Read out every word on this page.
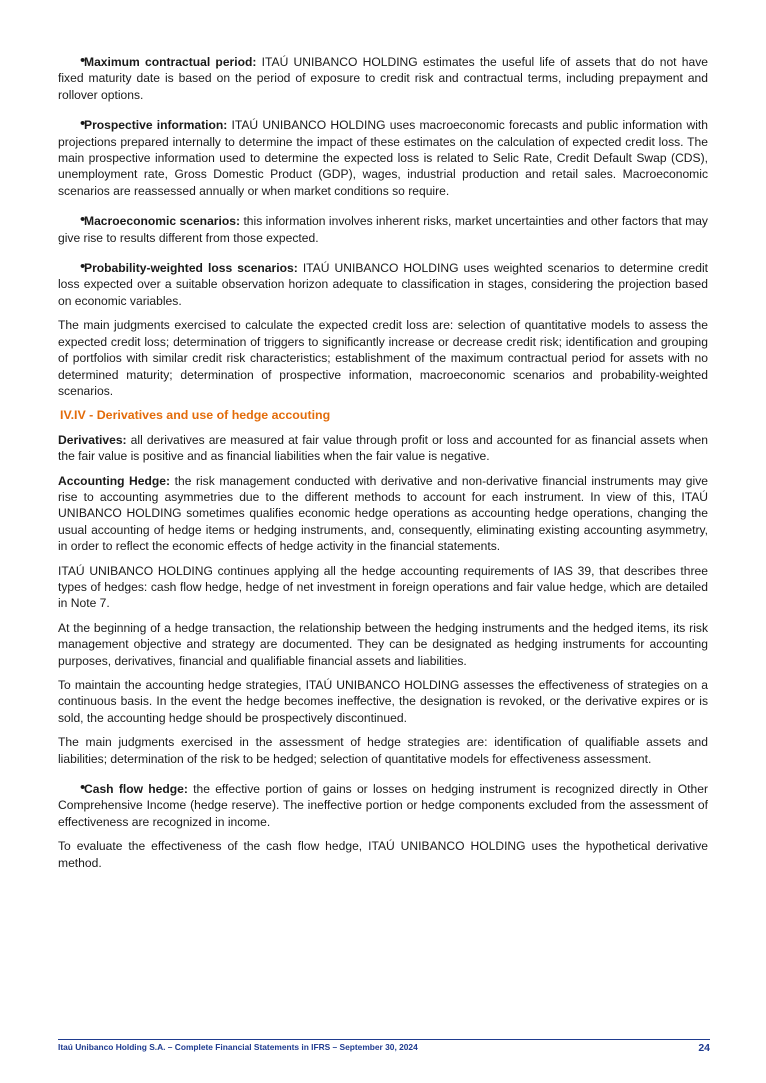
•
Maximum contractual period: ITAÚ UNIBANCO HOLDING estimates the useful life of assets that do not have fixed maturity date is based on the period of exposure to credit risk and contractual terms, including prepayment and rollover options.

•
Prospective information: ITAÚ UNIBANCO HOLDING uses macroeconomic forecasts and public information with projections prepared internally to determine the impact of these estimates on the calculation of expected credit loss. The main prospective information used to determine the expected loss is related to Selic Rate, Credit Default Swap (CDS), unemployment rate, Gross Domestic Product (GDP), wages, industrial production and retail sales. Macroeconomic scenarios are reassessed annually or when market conditions so require.

•
Macroeconomic scenarios: this information involves inherent risks, market uncertainties and other factors that may give rise to results different from those expected.

•
Probability-weighted loss scenarios: ITAÚ UNIBANCO HOLDING uses weighted scenarios to determine credit loss expected over a suitable observation horizon adequate to classification in stages, considering the projection based on economic variables.

The main judgments exercised to calculate the expected credit loss are: selection of quantitative models to assess the expected credit loss; determination of triggers to significantly increase or decrease credit risk; identification and grouping of portfolios with similar credit risk characteristics; establishment of the maximum contractual period for assets with no determined maturity; determination of prospective information, macroeconomic scenarios and probability-weighted scenarios.

IV.IV - Derivatives and use of hedge accouting

Derivatives: all derivatives are measured at fair value through profit or loss and accounted for as financial assets when the fair value is positive and as financial liabilities when the fair value is negative.

Accounting Hedge: the risk management conducted with derivative and non-derivative financial instruments may give rise to accounting asymmetries due to the different methods to account for each instrument. In view of this, ITAÚ UNIBANCO HOLDING sometimes qualifies economic hedge operations as accounting hedge operations, changing the usual accounting of hedge items or hedging instruments, and, consequently, eliminating existing accounting asymmetry, in order to reflect the economic effects of hedge activity in the financial statements.

ITAÚ UNIBANCO HOLDING continues applying all the hedge accounting requirements of IAS 39, that describes three types of hedges: cash flow hedge, hedge of net investment in foreign operations and fair value hedge, which are detailed in Note 7.

At the beginning of a hedge transaction, the relationship between the hedging instruments and the hedged items, its risk management objective and strategy are documented. They can be designated as hedging instruments for accounting purposes, derivatives, financial and qualifiable financial assets and liabilities.

To maintain the accounting hedge strategies, ITAÚ UNIBANCO HOLDING assesses the effectiveness of strategies on a continuous basis. In the event the hedge becomes ineffective, the designation is revoked, or the derivative expires or is sold, the accounting hedge should be prospectively discontinued.

The main judgments exercised in the assessment of hedge strategies are: identification of qualifiable assets and liabilities; determination of the risk to be hedged; selection of quantitative models for effectiveness assessment.

•
Cash flow hedge: the effective portion of gains or losses on hedging instrument is recognized directly in Other Comprehensive Income (hedge reserve). The ineffective portion or hedge components excluded from the assessment of effectiveness are recognized in income.

To evaluate the effectiveness of the cash flow hedge, ITAÚ UNIBANCO HOLDING uses the hypothetical derivative method.

Itaú Unibanco Holding S.A. – Complete Financial Statements in IFRS – September 30, 2024	24
